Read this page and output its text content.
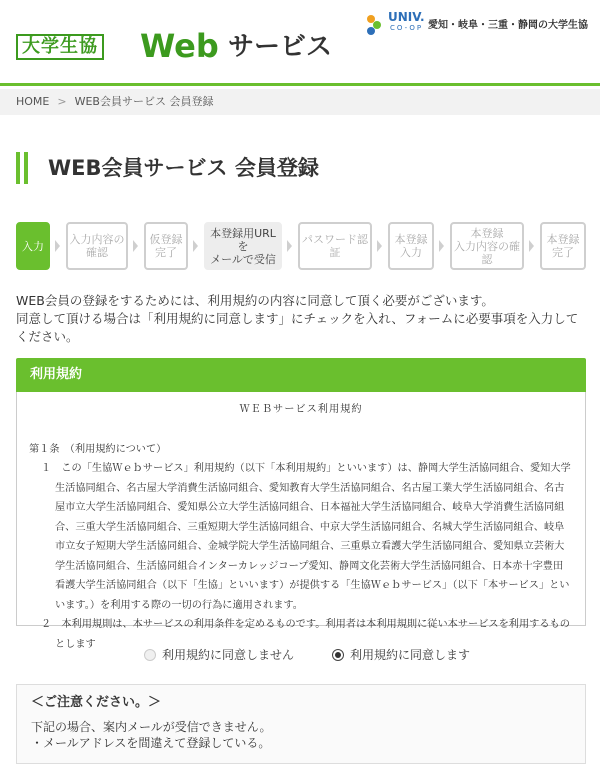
大学生協 Web サービス
UNIV.
CO-OP 愛知・岐阜・三重・静岡の大学生協
HOME > WEB会員サービス 会員登録
WEB会員サービス 会員登録
入力	入力内容の
確認
仮登録
完了
本登録用URL
を
メールで受信
パスワード認
証
本登録
入力
本登録
入力内容の確
認
本登録
完了
WEB会員の登録をするためには、利用規約の内容に同意して頂く必要がございます。
同意して頂ける場合は「利用規約に同意します」にチェックを入れ、フォームに必要事項を入力してください。
利用規約
ＷＥＢサービス利用規約
第１条　（利用規約について）
１　この「生協Ｗｅｂサービス」利用規約（以下「本利用規約」といいます）は、静岡大学生活協同組合、愛知大学生活協同組合、名古屋大学消費生活協同組合、愛知教育大学生活協同組合、名古屋工業大学生活協同組合、名古屋市立大学生活協同組合、愛知県公立大学生活協同組合、日本福祉大学生活協同組合、岐阜大学消費生活協同組合、三重大学生活協同組合、三重短期大学生活協同組合、中京大学生活協同組合、名城大学生活協同組合、岐阜市立女子短期大学生活協同組合、金城学院大学生活協同組合、三重県立看護大学生活協同組合、愛知県立芸術大学生活協同組合、生活協同組合インターカレッジコープ愛知、静岡文化芸術大学生活協同組合、日本赤十字豊田看護大学生活協同組合（以下「生協」といいます）が提供する「生協Ｗｅｂサービス」（以下「本サービス」といいます。）を利用する際の一切の行為に適用されます。
２　本利用規則は、本サービスの利用条件を定めるものです。利用者は本利用規則に従い本サービスを利用するものとします
利用規約に同意しません	利用規約に同意します
＜ご注意ください。＞
下記の場合、案内メールが受信できません。
・メールアドレスを間違えて登録している。
